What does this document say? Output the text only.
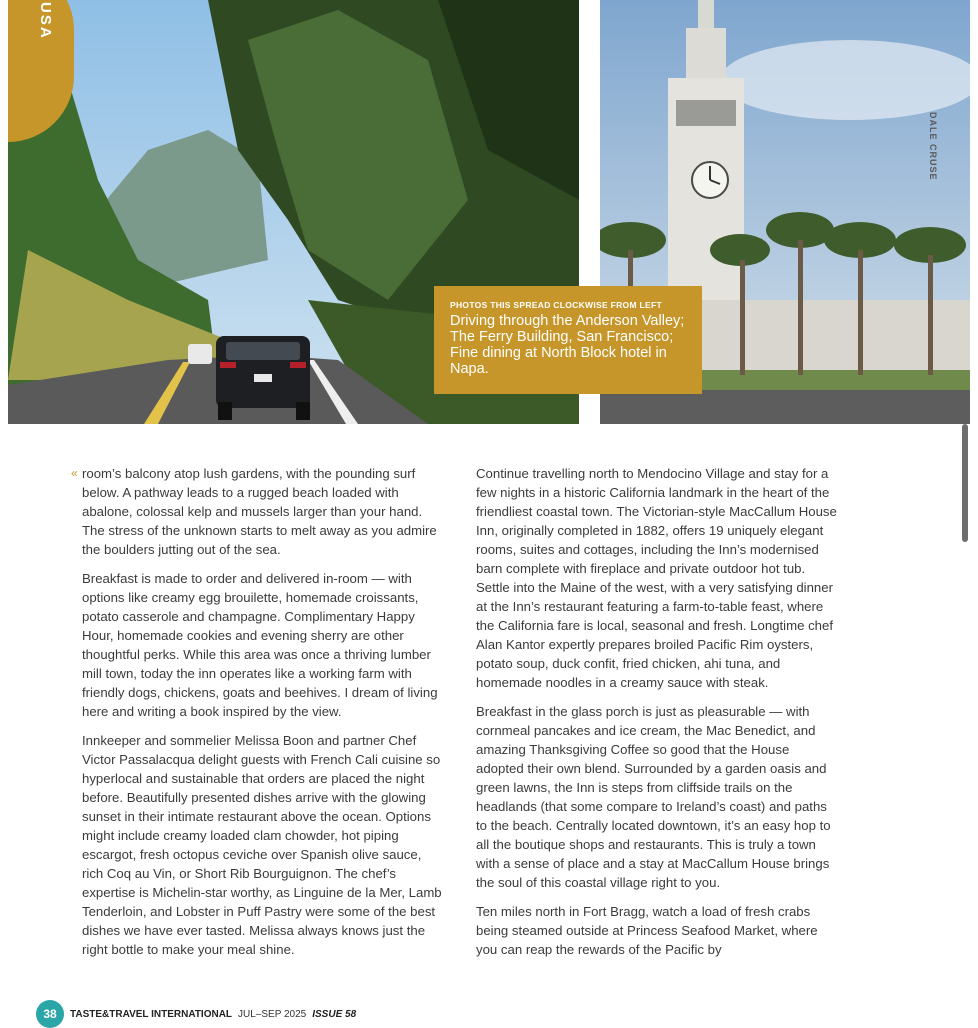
USA
DALE CRUSE
PHOTOS THIS SPREAD CLOCKWISE FROM LEFT
Driving through the Anderson Valley; The Ferry Building, San Francisco; Fine dining at North Block hotel in Napa.
« room’s balcony atop lush gardens, with the pounding surf below. A pathway leads to a rugged beach loaded with abalone, colossal kelp and mussels larger than your hand. The stress of the unknown starts to melt away as you admire the boulders jutting out of the sea.

Breakfast is made to order and delivered in-room — with options like creamy egg brouilette, homemade croissants, potato casserole and champagne. Complimentary Happy Hour, homemade cookies and evening sherry are other thoughtful perks. While this area was once a thriving lumber mill town, today the inn operates like a working farm with friendly dogs, chickens, goats and beehives. I dream of living here and writing a book inspired by the view.

Innkeeper and sommelier Melissa Boon and partner Chef Victor Passalacqua delight guests with French Cali cuisine so hyperlocal and sustainable that orders are placed the night before. Beautifully presented dishes arrive with the glowing sunset in their intimate restaurant above the ocean. Options might include creamy loaded clam chowder, hot piping escargot, fresh octopus ceviche over Spanish olive sauce, rich Coq au Vin, or Short Rib Bourguignon. The chef’s expertise is Michelin-star worthy, as Linguine de la Mer, Lamb Tenderloin, and Lobster in Puff Pastry were some of the best dishes we have ever tasted. Melissa always knows just the right bottle to make your meal shine.

Continue travelling north to Mendocino Village and stay for a few nights in a historic California landmark in the heart of the friendliest coastal town. The Victorian-style MacCallum House Inn, originally completed in 1882, offers 19 uniquely elegant rooms, suites and cottages, including the Inn’s modernised barn complete with fireplace and private outdoor hot tub. Settle into the Maine of the west, with a very satisfying dinner at the Inn’s restaurant featuring a farm-to-table feast, where the California fare is local, seasonal and fresh. Longtime chef Alan Kantor expertly prepares broiled Pacific Rim oysters, potato soup, duck confit, fried chicken, ahi tuna, and homemade noodles in a creamy sauce with steak.

Breakfast in the glass porch is just as pleasurable — with cornmeal pancakes and ice cream, the Mac Benedict, and amazing Thanksgiving Coffee so good that the House adopted their own blend. Surrounded by a garden oasis and green lawns, the Inn is steps from cliffside trails on the headlands (that some compare to Ireland’s coast) and paths to the beach. Centrally located downtown, it’s an easy hop to all the boutique shops and restaurants. This is truly a town with a sense of place and a stay at MacCallum House brings the soul of this coastal village right to you.

Ten miles north in Fort Bragg, watch a load of fresh crabs being steamed outside at Princess Seafood Market, where you can reap the rewards of the Pacific by

38	TASTE&TRAVEL INTERNATIONAL JUL–SEP 2025 ISSUE 58
